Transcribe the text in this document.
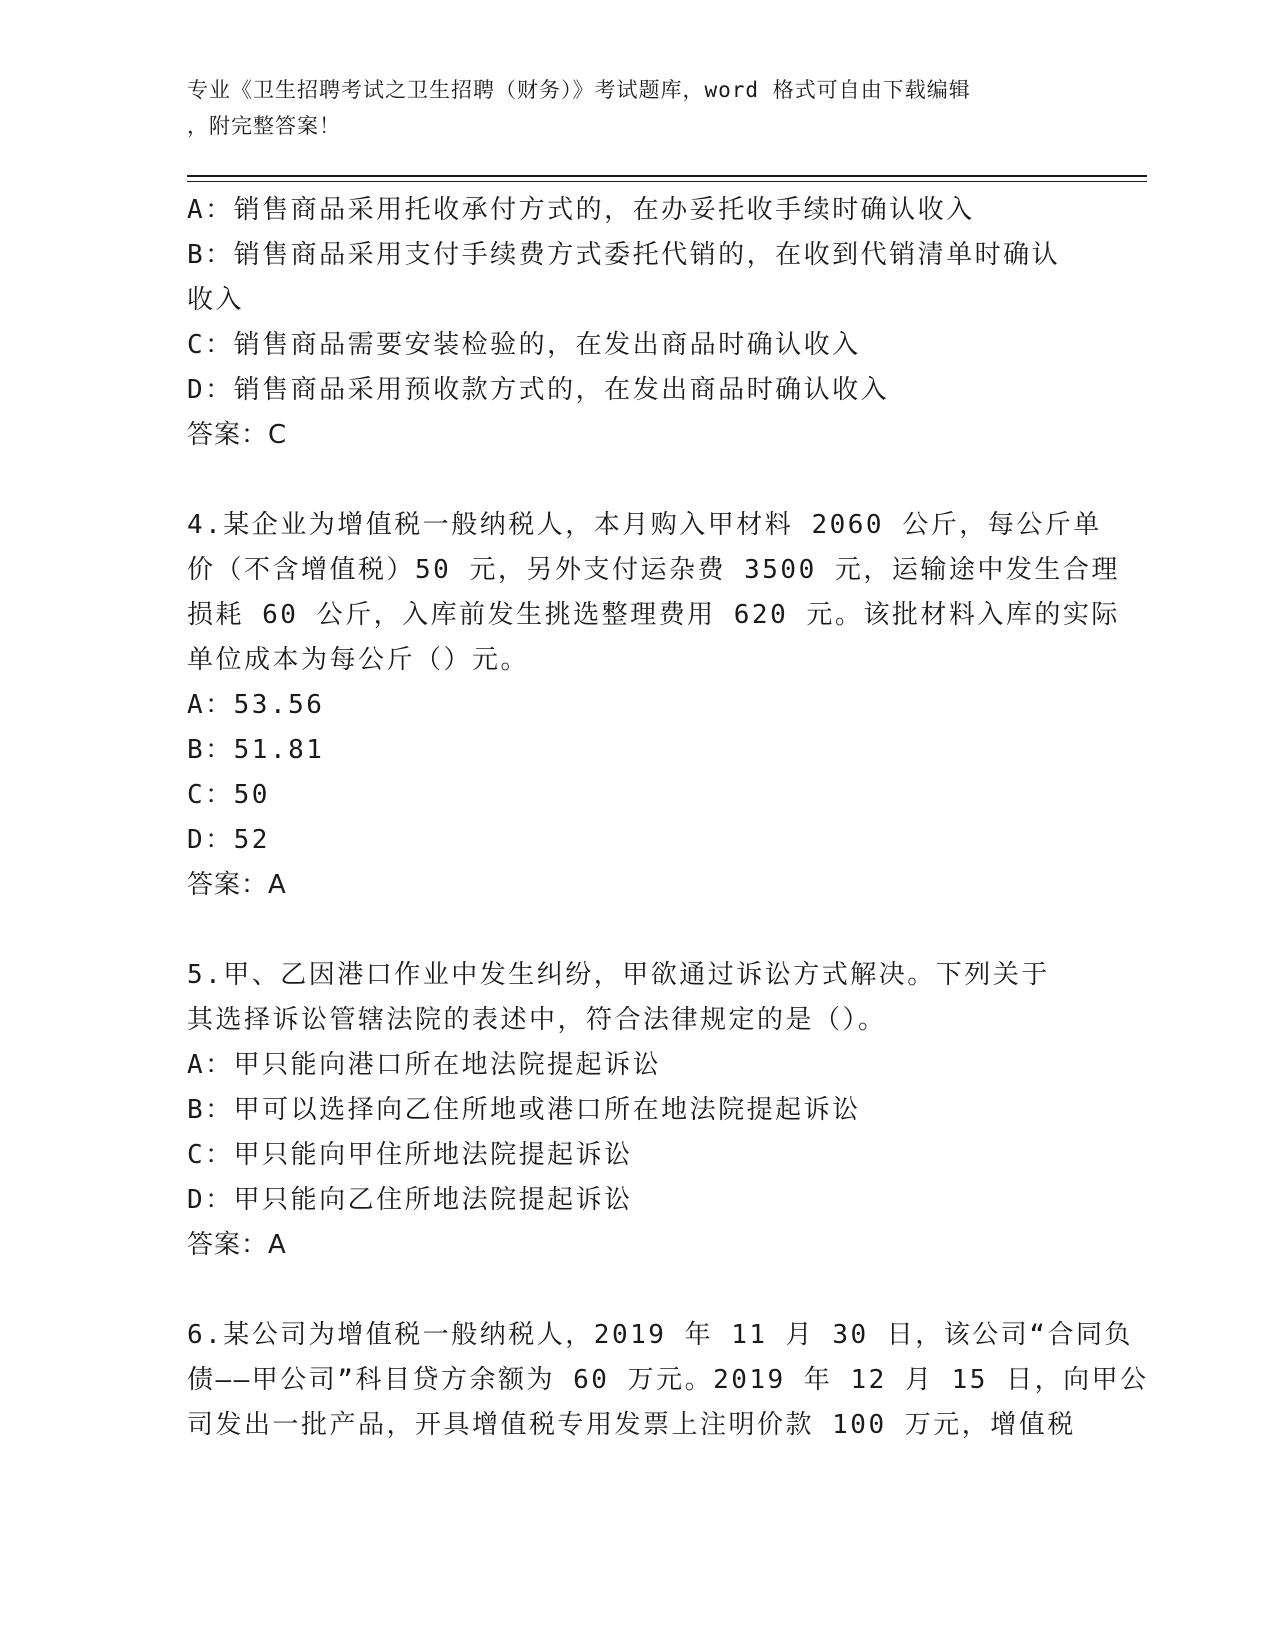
专业《卫生招聘考试之卫生招聘（财务）》考试题库，word 格式可自由下载编辑
，附完整答案！
A：销售商品采用托收承付方式的，在办妥托收手续时确认收入
B：销售商品采用支付手续费方式委托代销的，在收到代销清单时确认
收入
C：销售商品需要安装检验的，在发出商品时确认收入
D：销售商品采用预收款方式的，在发出商品时确认收入
答案：C
4.某企业为增值税一般纳税人，本月购入甲材料 2060 公斤，每公斤单
价（不含增值税）50 元，另外支付运杂费 3500 元，运输途中发生合理
损耗 60 公斤，入库前发生挑选整理费用 620 元。该批材料入库的实际
单位成本为每公斤（）元。
A：53.56
B：51.81
C：50
D：52
答案：A
5.甲、乙因港口作业中发生纠纷，甲欲通过诉讼方式解决。下列关于
其选择诉讼管辖法院的表述中，符合法律规定的是（）。
A：甲只能向港口所在地法院提起诉讼
B：甲可以选择向乙住所地或港口所在地法院提起诉讼
C：甲只能向甲住所地法院提起诉讼
D：甲只能向乙住所地法院提起诉讼
答案：A
6.某公司为增值税一般纳税人，2019 年 11 月 30 日，该公司“合同负
债——甲公司”科目贷方余额为 60 万元。2019 年 12 月 15 日，向甲公
司发出一批产品，开具增值税专用发票上注明价款 100 万元，增值税
